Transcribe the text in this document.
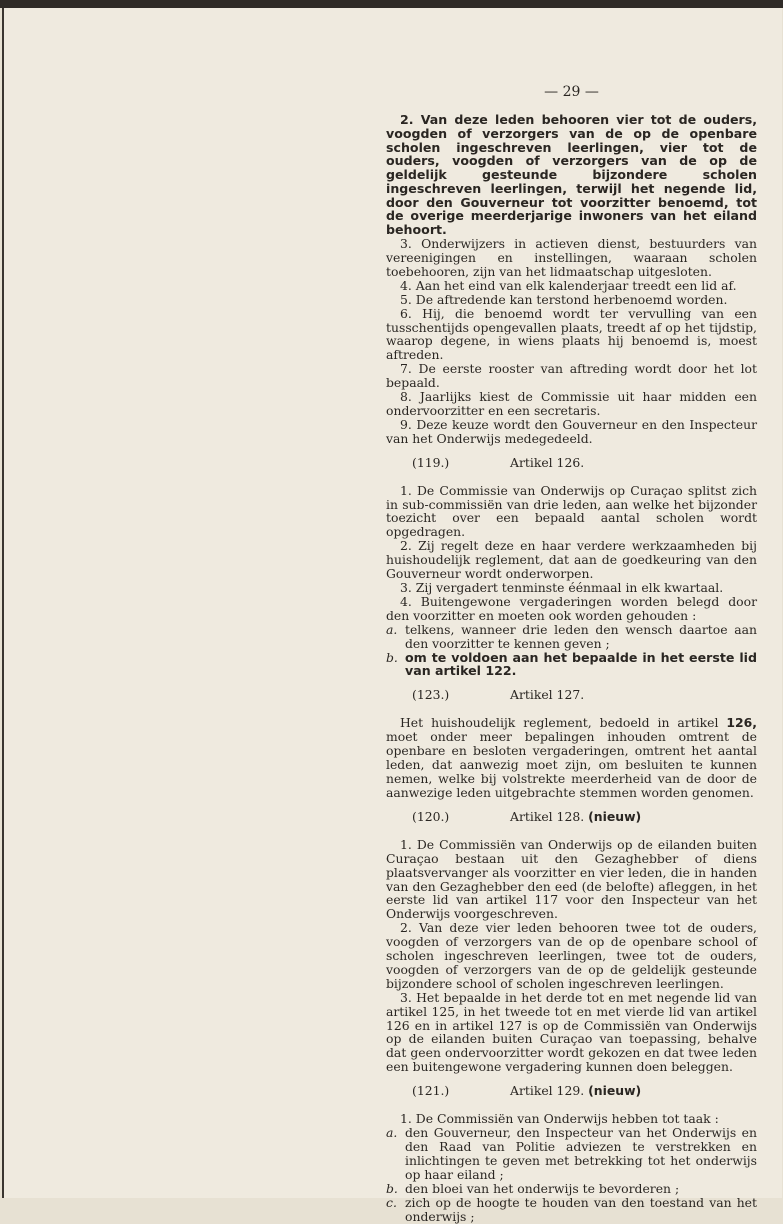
— 29 —

2. Van deze leden behooren vier tot de ouders, voogden of verzorgers van de op de openbare scholen ingeschreven leerlingen, vier tot de ouders, voogden of verzorgers van de op de geldelijk gesteunde bijzondere scholen ingeschreven leerlingen, terwijl het negende lid, door den Gouverneur tot voorzitter benoemd, tot de overige meerderjarige inwoners van het eiland behoort.

3. Onderwijzers in actieven dienst, bestuurders van vereenigingen en instellingen, waaraan scholen toebehooren, zijn van het lidmaatschap uitgesloten.

4. Aan het eind van elk kalenderjaar treedt een lid af.

5. De aftredende kan terstond herbenoemd worden.

6. Hij, die benoemd wordt ter vervulling van een tusschentijds opengevallen plaats, treedt af op het tijdstip, waarop degene, in wiens plaats hij benoemd is, moest aftreden.

7. De eerste rooster van aftreding wordt door het lot bepaald.

8. Jaarlijks kiest de Commissie uit haar midden een ondervoorzitter en een secretaris.

9. Deze keuze wordt den Gouverneur en den Inspecteur van het Onderwijs medegedeeld.

(119.)	Artikel 126.

1. De Commissie van Onderwijs op Curaçao splitst zich in sub-commissiën van drie leden, aan welke het bijzonder toezicht over een bepaald aantal scholen wordt opgedragen.

2. Zij regelt deze en haar verdere werkzaamheden bij huishoudelijk reglement, dat aan de goedkeuring van den Gouverneur wordt onderworpen.

3. Zij vergadert tenminste éénmaal in elk kwartaal.

4. Buitengewone vergaderingen worden belegd door den voorzitter en moeten ook worden gehouden :

a. telkens, wanneer drie leden den wensch daartoe aan den voorzitter te kennen geven ;
b. om te voldoen aan het bepaalde in het eerste lid van artikel 122.
(123.)	Artikel 127.

Het huishoudelijk reglement, bedoeld in artikel 126, moet onder meer bepalingen inhouden omtrent de openbare en besloten vergaderingen, omtrent het aantal leden, dat aanwezig moet zijn, om besluiten te kunnen nemen, welke bij volstrekte meerderheid van de door de aanwezige leden uitgebrachte stemmen worden genomen.

(120.)	Artikel 128. (nieuw)

1. De Commissiën van Onderwijs op de eilanden buiten Curaçao bestaan uit den Gezaghebber of diens plaatsvervanger als voorzitter en vier leden, die in handen van den Gezaghebber den eed (de belofte) afleggen, in het eerste lid van artikel 117 voor den Inspecteur van het Onderwijs voorgeschreven.

2. Van deze vier leden behooren twee tot de ouders, voogden of verzorgers van de op de openbare school of scholen ingeschreven leerlingen, twee tot de ouders, voogden of verzorgers van de op de geldelijk gesteunde bijzondere school of scholen ingeschreven leerlingen.

3. Het bepaalde in het derde tot en met negende lid van artikel 125, in het tweede tot en met vierde lid van artikel 126 en in artikel 127 is op de Commissiën van Onderwijs op de eilanden buiten Curaçao van toepassing, behalve dat geen ondervoorzitter wordt gekozen en dat twee leden een buitengewone vergadering kunnen doen beleggen.

(121.)	Artikel 129. (nieuw)

1. De Commissiën van Onderwijs hebben tot taak :

a. den Gouverneur, den Inspecteur van het Onderwijs en den Raad van Politie adviezen te verstrekken en inlichtingen te geven met betrekking tot het onderwijs op haar eiland ;
b. den bloei van het onderwijs te bevorderen ;
c. zich op de hoogte te houden van den toestand van het onderwijs ;
